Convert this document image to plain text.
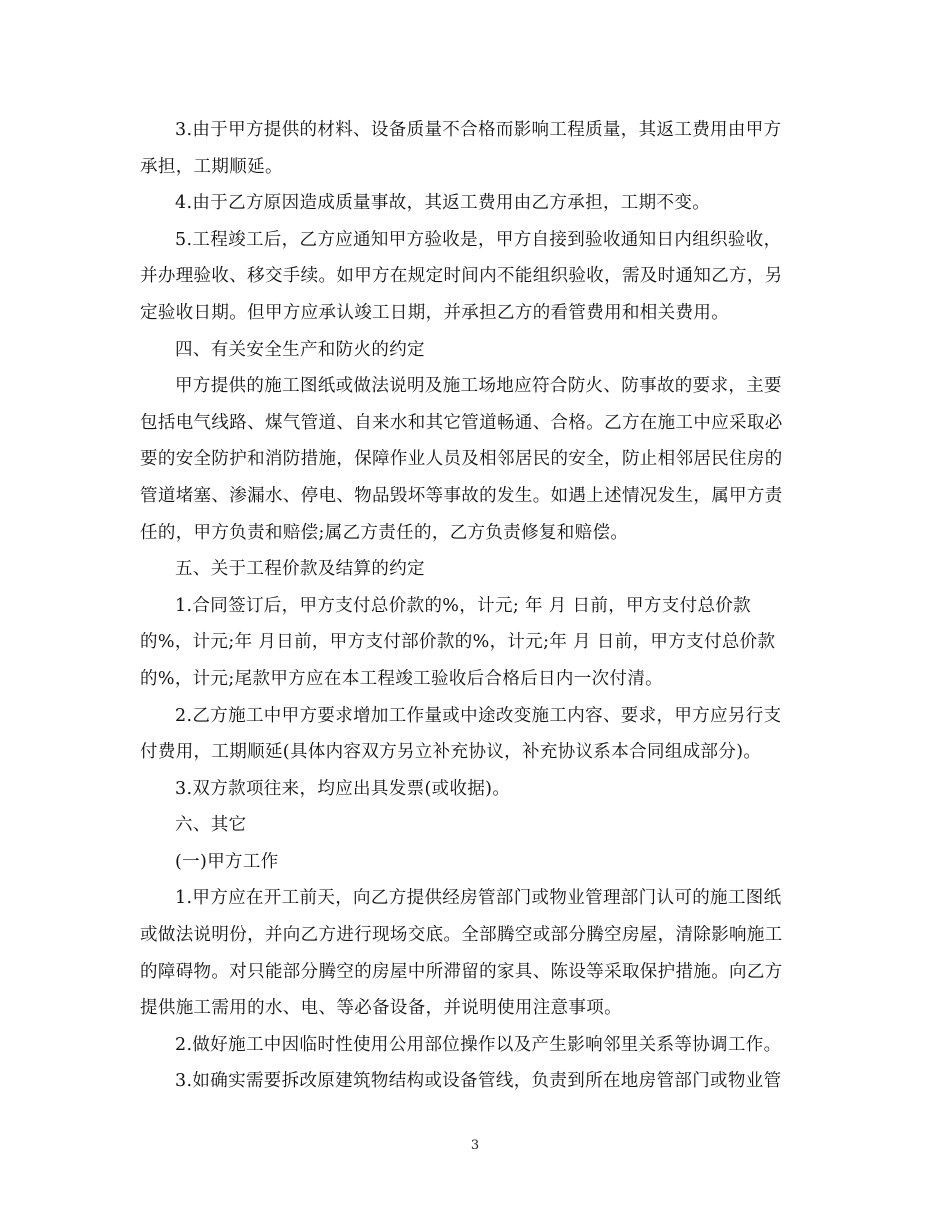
3.由于甲方提供的材料、设备质量不合格而影响工程质量，其返工费用由甲方
承担，工期顺延。
4.由于乙方原因造成质量事故，其返工费用由乙方承担，工期不变。
5.工程竣工后，乙方应通知甲方验收是，甲方自接到验收通知日内组织验收，
并办理验收、移交手续。如甲方在规定时间内不能组织验收，需及时通知乙方，另
定验收日期。但甲方应承认竣工日期，并承担乙方的看管费用和相关费用。
四、有关安全生产和防火的约定
甲方提供的施工图纸或做法说明及施工场地应符合防火、防事故的要求，主要
包括电气线路、煤气管道、自来水和其它管道畅通、合格。乙方在施工中应采取必
要的安全防护和消防措施，保障作业人员及相邻居民的安全，防止相邻居民住房的
管道堵塞、渗漏水、停电、物品毁坏等事故的发生。如遇上述情况发生，属甲方责
任的，甲方负责和赔偿;属乙方责任的，乙方负责修复和赔偿。
五、关于工程价款及结算的约定
1.合同签订后，甲方支付总价款的%，计元; 年 月 日前，甲方支付总价款
的%，计元;年 月日前，甲方支付部价款的%，计元;年 月 日前，甲方支付总价款
的%，计元;尾款甲方应在本工程竣工验收后合格后日内一次付清。
2.乙方施工中甲方要求增加工作量或中途改变施工内容、要求，甲方应另行支
付费用，工期顺延(具体内容双方另立补充协议，补充协议系本合同组成部分)。
3.双方款项往来，均应出具发票(或收据)。
六、其它
(一)甲方工作
1.甲方应在开工前天，向乙方提供经房管部门或物业管理部门认可的施工图纸
或做法说明份，并向乙方进行现场交底。全部腾空或部分腾空房屋，清除影响施工
的障碍物。对只能部分腾空的房屋中所滞留的家具、陈设等采取保护措施。向乙方
提供施工需用的水、电、等必备设备，并说明使用注意事项。
2.做好施工中因临时性使用公用部位操作以及产生影响邻里关系等协调工作。
3.如确实需要拆改原建筑物结构或设备管线，负责到所在地房管部门或物业管
3
